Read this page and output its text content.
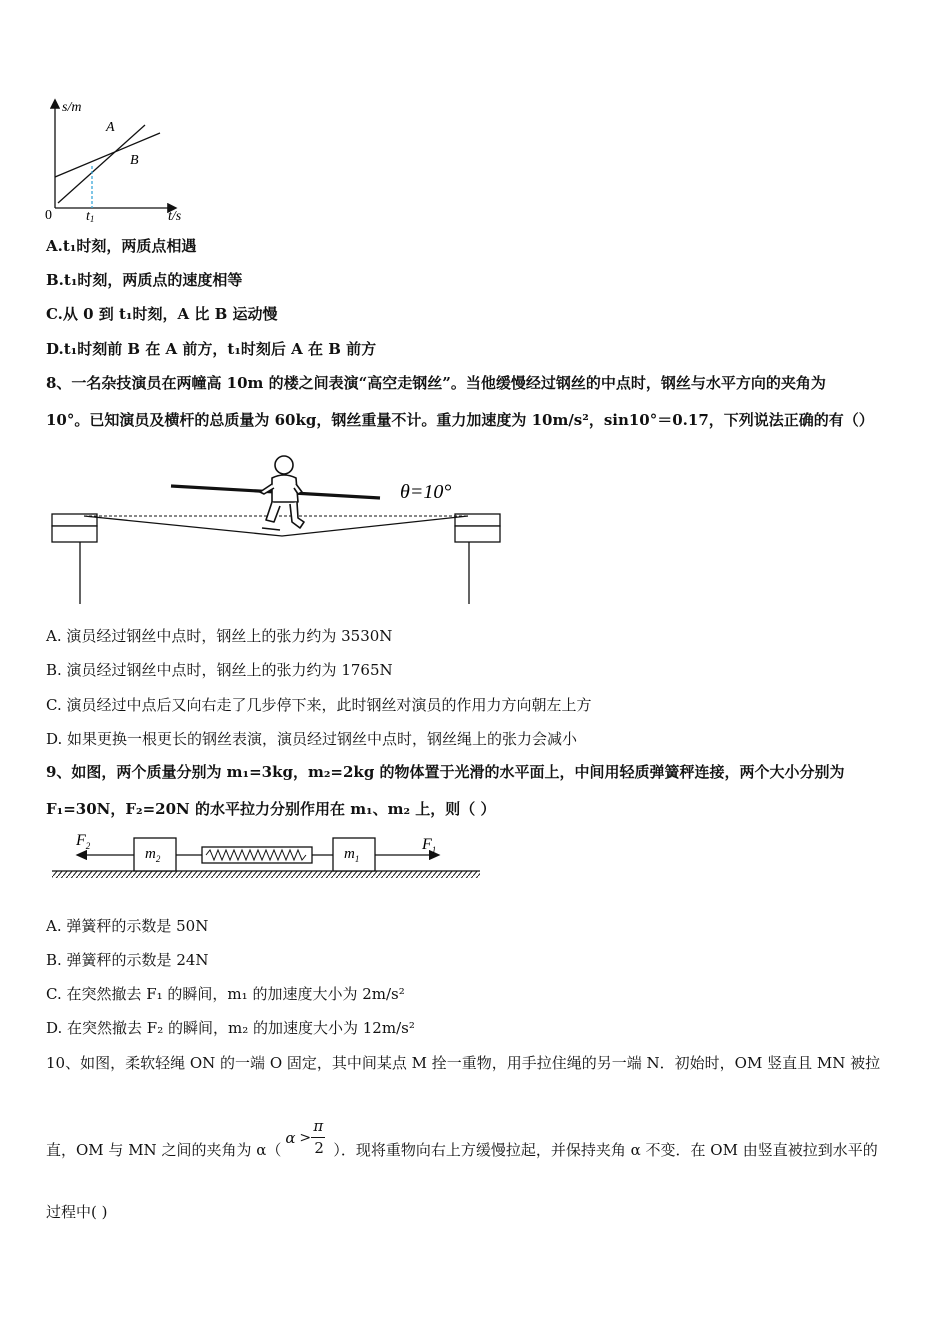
s/m
A
B
0 t1	t/s
A.t₁时刻，两质点相遇
B.t₁时刻，两质点的速度相等
C.从 0 到 t₁时刻，A 比 B 运动慢
D.t₁时刻前 B 在 A 前方，t₁时刻后 A 在 B 前方
8、一名杂技演员在两幢高 10m 的楼之间表演“高空走钢丝”。当他缓慢经过钢丝的中点时，钢丝与水平方向的夹角为
10°。已知演员及横杆的总质量为 60kg，钢丝重量不计。重力加速度为 10m/s²，sin10°＝0.17，下列说法正确的有（）
θ=10°
A. 演员经过钢丝中点时，钢丝上的张力约为 3530N
B. 演员经过钢丝中点时，钢丝上的张力约为 1765N
C. 演员经过中点后又向右走了几步停下来，此时钢丝对演员的作用力方向朝左上方
D. 如果更换一根更长的钢丝表演，演员经过钢丝中点时，钢丝绳上的张力会减小
9、如图，两个质量分别为 m₁=3kg，m₂=2kg 的物体置于光滑的水平面上，中间用轻质弹簧秤连接，两个大小分别为
F₁=30N，F₂=20N 的水平拉力分别作用在 m₁、m₂ 上，则（ ）
$F_2$	$F_1$
$m_2$	$m_1$
A. 弹簧秤的示数是 50N
B. 弹簧秤的示数是 24N
C. 在突然撤去 F₁ 的瞬间，m₁ 的加速度大小为 2m/s²
D. 在突然撤去 F₂ 的瞬间，m₂ 的加速度大小为 12m/s²
10、如图，柔软轻绳 ON 的一端 O 固定，其中间某点 M 拴一重物，用手拉住绳的另一端 N．初始时，OM 竖直且 MN 被拉
直，OM 与 MN 之间的夹角为 α（
α >
π
2 ）．现将重物向右上方缓慢拉起，并保持夹角 α 不变．在 OM 由竖直被拉到水平的
过程中( )
